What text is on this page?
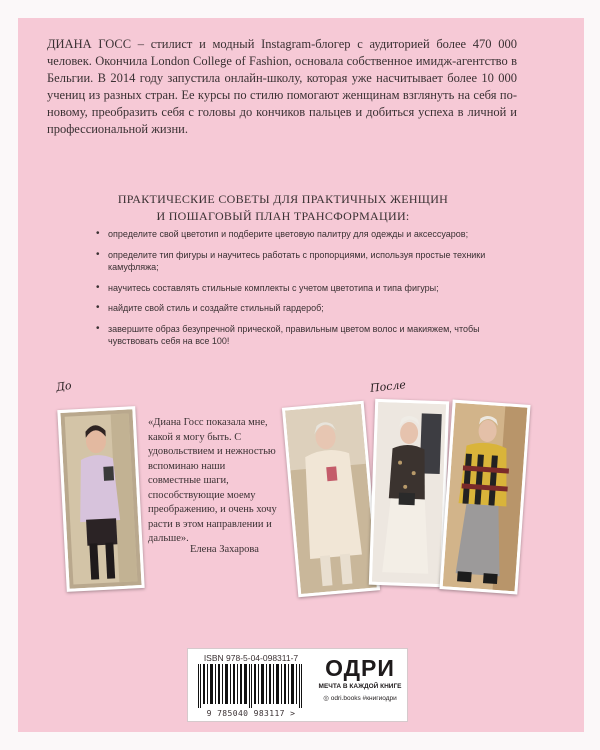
ДИАНА ГОСС – стилист и модный Instagram-блогер с аудиторией более 470 000 человек. Окончила London College of Fashion, основала собственное имидж-агентство в Бельгии. В 2014 году запустила онлайн-школу, которая уже насчитывает более 10 000 учениц из разных стран. Ее курсы по стилю помогают женщинам взглянуть на себя по-новому, преобразить себя с головы до кончиков пальцев и добиться успеха в личной и профессиональной жизни.

ПРАКТИЧЕСКИЕ СОВЕТЫ ДЛЯ ПРАКТИЧНЫХ ЖЕНЩИН
И ПОШАГОВЫЙ ПЛАН ТРАНСФОРМАЦИИ:
• определите свой цветотип и подберите цветовую палитру для одежды и аксессуаров;
• определите тип фигуры и научитесь работать с пропорциями, используя простые техники камуфляжа;
• научитесь составлять стильные комплекты с учетом цветотипа и типа фигуры;
• найдите свой стиль и создайте стильный гардероб;
• завершите образ безупречной прической, правильным цветом волос и макияжем, чтобы чувствовать себя на все 100!
До	После

«Диана Госс показала мне, какой я могу быть. С удовольствием и нежностью вспоминаю наши совместные шаги, способствующие моему преображению, и очень хочу расти в этом направлении и дальше».

Елена Захарова
ISBN 978-5-04-098311-7
9 785040 983117 >
ОДРИ
МЕЧТА В КАЖДОЙ КНИГЕ
◎ odri.books #книгиодри
